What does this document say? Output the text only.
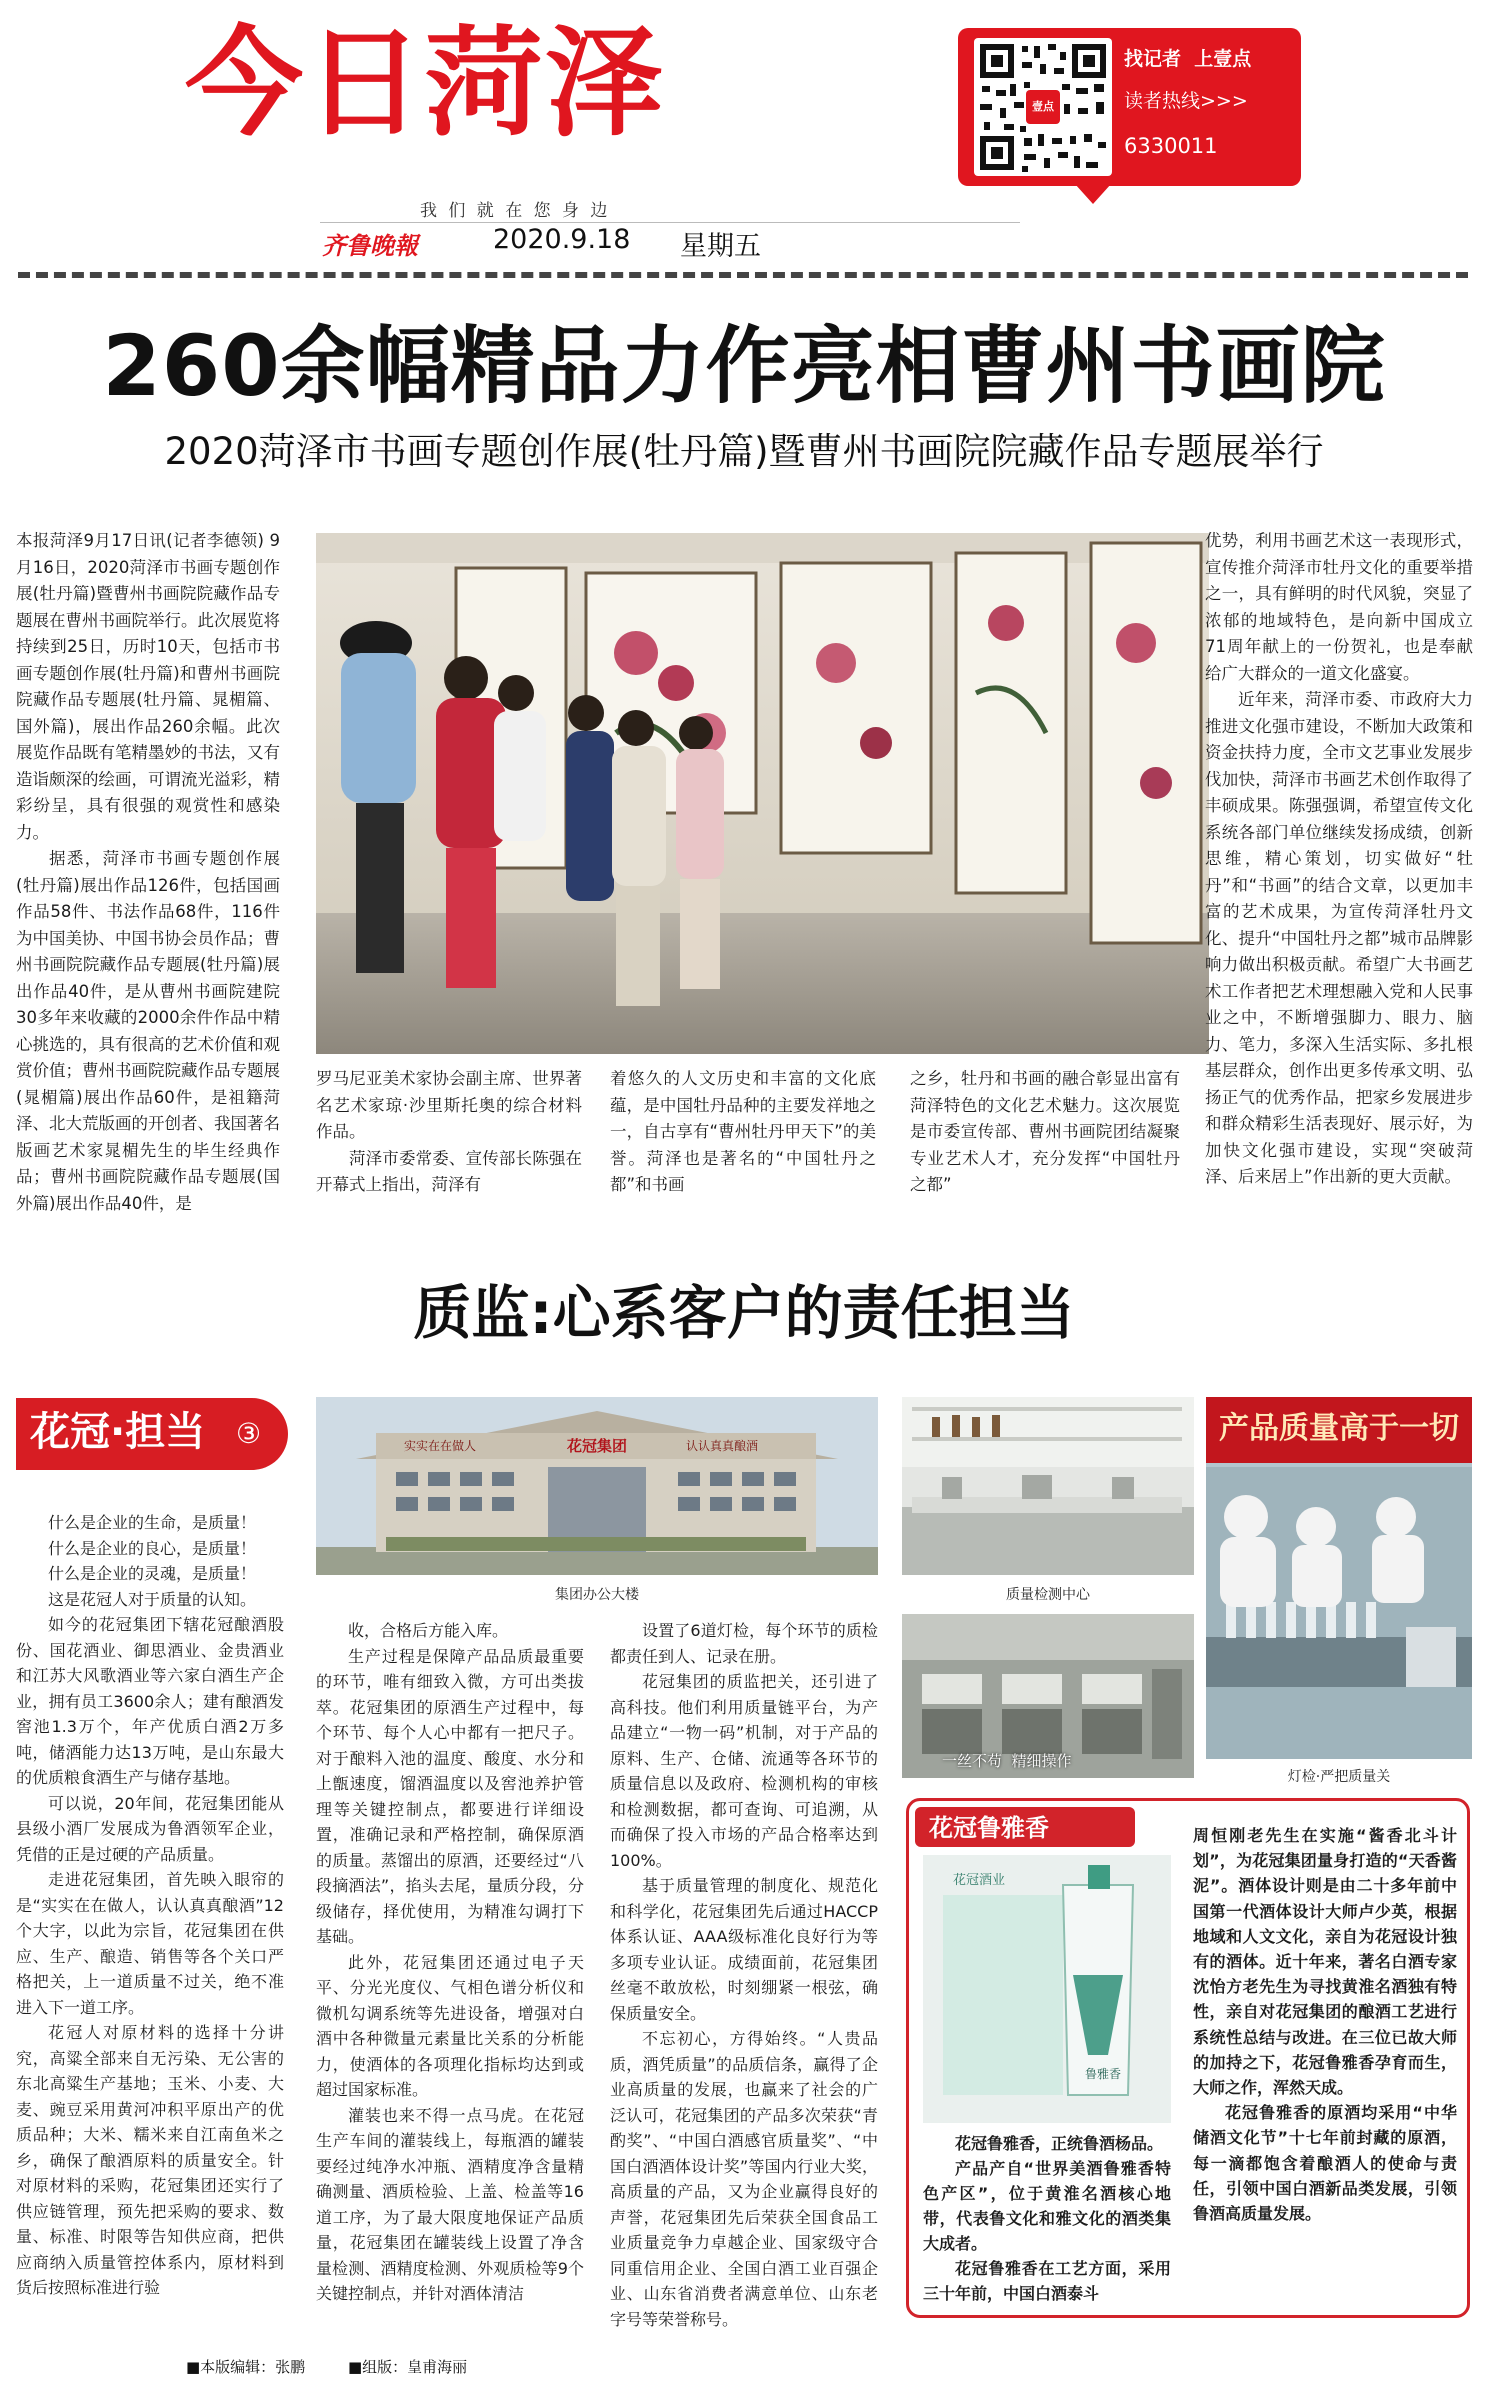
今日菏泽
我 们 就 在 您 身 边
齐鲁晚報	2020.9.18 星期五
壹点
找记者  上壹点
读者热线>>>
6330011
260余幅精品力作亮相曹州书画院
2020菏泽市书画专题创作展(牡丹篇)暨曹州书画院院藏作品专题展举行

本报菏泽9月17日讯(记者李德领) 9月16日，2020菏泽市书画专题创作展(牡丹篇)暨曹州书画院院藏作品专题展在曹州书画院举行。此次展览将持续到25日，历时10天，包括市书画专题创作展(牡丹篇)和曹州书画院院藏作品专题展(牡丹篇、晁楣篇、国外篇)，展出作品260余幅。此次展览作品既有笔精墨妙的书法，又有造诣颇深的绘画，可谓流光溢彩，精彩纷呈，具有很强的观赏性和感染力。

据悉，菏泽市书画专题创作展(牡丹篇)展出作品126件，包括国画作品58件、书法作品68件，116件为中国美协、中国书协会员作品；曹州书画院院藏作品专题展(牡丹篇)展出作品40件，是从曹州书画院建院30多年来收藏的2000余件作品中精心挑选的，具有很高的艺术价值和观赏价值；曹州书画院院藏作品专题展(晁楣篇)展出作品60件，是祖籍菏泽、北大荒版画的开创者、我国著名版画艺术家晁楣先生的毕生经典作品；曹州书画院院藏作品专题展(国外篇)展出作品40件，是

罗马尼亚美术家协会副主席、世界著名艺术家琼·沙里斯托奥的综合材料作品。

菏泽市委常委、宣传部长陈强在开幕式上指出，菏泽有

着悠久的人文历史和丰富的文化底蕴，是中国牡丹品种的主要发祥地之一，自古享有“曹州牡丹甲天下”的美誉。菏泽也是著名的“中国牡丹之都”和书画

之乡，牡丹和书画的融合彰显出富有菏泽特色的文化艺术魅力。这次展览是市委宣传部、曹州书画院团结凝聚专业艺术人才，充分发挥“中国牡丹之都”

优势，利用书画艺术这一表现形式，宣传推介菏泽市牡丹文化的重要举措之一，具有鲜明的时代风貌，突显了浓郁的地域特色，是向新中国成立71周年献上的一份贺礼，也是奉献给广大群众的一道文化盛宴。

近年来，菏泽市委、市政府大力推进文化强市建设，不断加大政策和资金扶持力度，全市文艺事业发展步伐加快，菏泽市书画艺术创作取得了丰硕成果。陈强强调，希望宣传文化系统各部门单位继续发扬成绩，创新思维，精心策划，切实做好“牡丹”和“书画”的结合文章，以更加丰富的艺术成果，为宣传菏泽牡丹文化、提升“中国牡丹之都”城市品牌影响力做出积极贡献。希望广大书画艺术工作者把艺术理想融入党和人民事业之中，不断增强脚力、眼力、脑力、笔力，多深入生活实际、多扎根基层群众，创作出更多传承文明、弘扬正气的优秀作品，把家乡发展进步和群众精彩生活表现好、展示好，为加快文化强市建设，实现“突破菏泽、后来居上”作出新的更大贡献。

质监:心系客户的责任担当
花冠·担当 ③

什么是企业的生命，是质量！

什么是企业的良心，是质量！

什么是企业的灵魂，是质量！

这是花冠人对于质量的认知。

如今的花冠集团下辖花冠酿酒股份、国花酒业、御思酒业、金贵酒业和江苏大风歌酒业等六家白酒生产企业，拥有员工3600余人；建有酿酒发窖池1.3万个，年产优质白酒2万多吨，储酒能力达13万吨，是山东最大的优质粮食酒生产与储存基地。

可以说，20年间，花冠集团能从县级小酒厂发展成为鲁酒领军企业，凭借的正是过硬的产品质量。

走进花冠集团，首先映入眼帘的是“实实在在做人，认认真真酿酒”12个大字，以此为宗旨，花冠集团在供应、生产、酿造、销售等各个关口严格把关，上一道质量不过关，绝不准进入下一道工序。

花冠人对原材料的选择十分讲究，高粱全部来自无污染、无公害的东北高粱生产基地；玉米、小麦、大麦、豌豆采用黄河冲积平原出产的优质品种；大米、糯米来自江南鱼米之乡，确保了酿酒原料的质量安全。针对原材料的采购，花冠集团还实行了供应链管理，预先把采购的要求、数量、标准、时限等告知供应商，把供应商纳入质量管控体系内，原材料到货后按照标准进行验

花冠集团
实实在在做人	认认真真酿酒
集团办公大楼	质量检测中心
一丝不苟  精细操作
产品质量高于一切
灯检·严把质量关

收，合格后方能入库。

生产过程是保障产品品质最重要的环节，唯有细致入微，方可出类拔萃。花冠集团的原酒生产过程中，每个环节、每个人心中都有一把尺子。对于酿料入池的温度、酸度、水分和上甑速度，馏酒温度以及窖池养护管理等关键控制点，都要进行详细设置，准确记录和严格控制，确保原酒的质量。蒸馏出的原酒，还要经过“八段摘酒法”，掐头去尾，量质分段，分级储存，择优使用，为精准勾调打下基础。

此外，花冠集团还通过电子天平、分光光度仪、气相色谱分析仪和微机勾调系统等先进设备，增强对白酒中各种微量元素量比关系的分析能力，使酒体的各项理化指标均达到或超过国家标准。

灌装也来不得一点马虎。在花冠生产车间的灌装线上，每瓶酒的罐装要经过纯净水冲瓶、酒精度净含量精确测量、酒质检验、上盖、检盖等16道工序，为了最大限度地保证产品质量，花冠集团在罐装线上设置了净含量检测、酒精度检测、外观质检等9个关键控制点，并针对酒体清洁

设置了6道灯检，每个环节的质检都责任到人、记录在册。

花冠集团的质监把关，还引进了高科技。他们利用质量链平台，为产品建立“一物一码”机制，对于产品的原料、生产、仓储、流通等各环节的质量信息以及政府、检测机构的审核和检测数据，都可查询、可追溯，从而确保了投入市场的产品合格率达到100%。

基于质量管理的制度化、规范化和科学化，花冠集团先后通过HACCP体系认证、AAA级标准化良好行为等多项专业认证。成绩面前，花冠集团丝毫不敢放松，时刻绷紧一根弦，确保质量安全。

不忘初心，方得始终。“人贵品质，酒凭质量”的品质信条，赢得了企业高质量的发展，也赢来了社会的广泛认可，花冠集团的产品多次荣获“青酌奖”、“中国白酒感官质量奖”、“中国白酒酒体设计奖”等国内行业大奖，高质量的产品，又为企业赢得良好的声誉，花冠集团先后荣获全国食品工业质量竞争力卓越企业、国家级守合同重信用企业、全国白酒工业百强企业、山东省消费者满意单位、山东老字号等荣誉称号。

花冠鲁雅香
花冠酒业
鲁雅香

花冠鲁雅香，正统鲁酒杨品。

产品产自“世界美酒鲁雅香特色产区”，位于黄淮名酒核心地带，代表鲁文化和雅文化的酒类集大成者。

花冠鲁雅香在工艺方面，采用三十年前，中国白酒泰斗

周恒刚老先生在实施“酱香北斗计划”，为花冠集团量身打造的“天香酱泥”。酒体设计则是由二十多年前中国第一代酒体设计大师卢少英，根据地域和人文文化，亲自为花冠设计独有的酒体。近十年来，著名白酒专家沈怡方老先生为寻找黄淮名酒独有特性，亲自对花冠集团的酿酒工艺进行系统性总结与改进。在三位已故大师的加持之下，花冠鲁雅香孕育而生，大师之作，浑然天成。

花冠鲁雅香的原酒均采用“中华储酒文化节”十七年前封藏的原酒，每一滴都饱含着酿酒人的使命与责任，引领中国白酒新品类发展，引领鲁酒高质量发展。

■本版编辑：张鹏	■组版：皇甫海丽
